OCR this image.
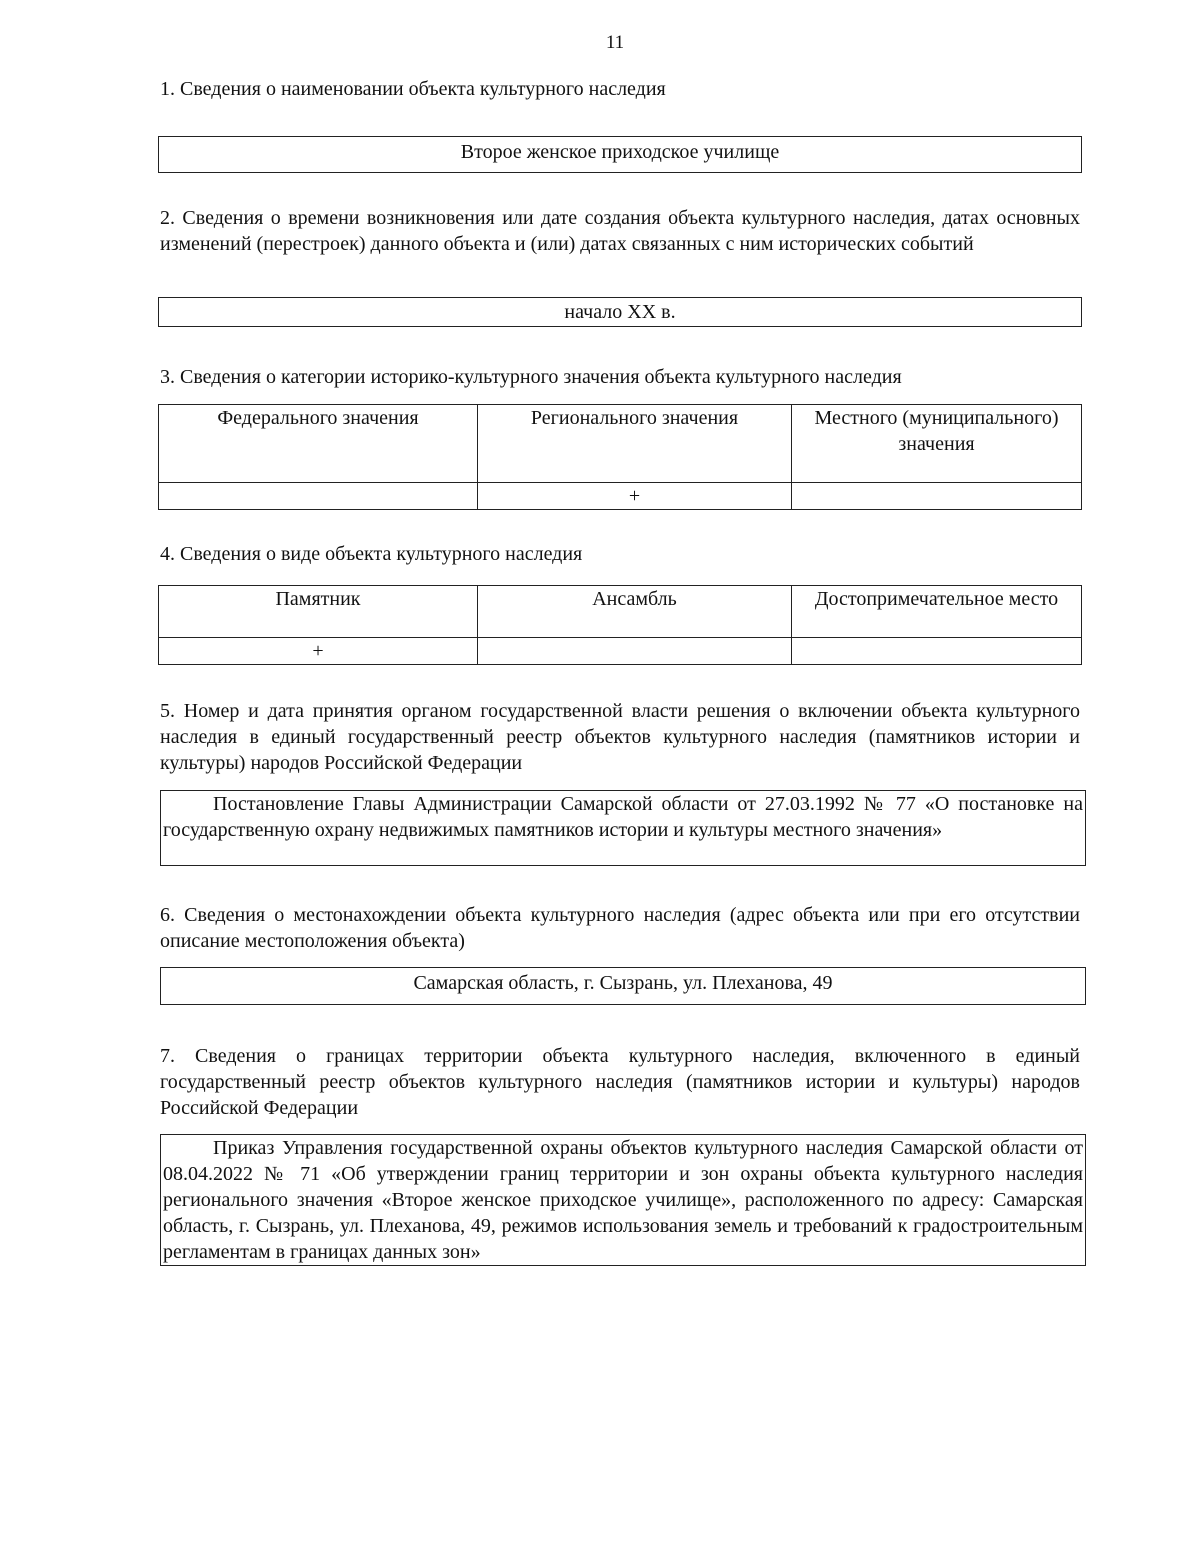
11
1. Сведения о наименовании объекта культурного наследия
Второе женское приходское училище
2. Сведения о времени возникновения или дате создания объекта культурного наследия, датах основных изменений (перестроек) данного объекта и (или) датах связанных с ним исторических событий
начало XX в.
3. Сведения о категории историко-культурного значения объекта культурного наследия
Федерального значения	Регионального значения	Местного (муниципального) значения
	+	
4. Сведения о виде объекта культурного наследия
Памятник	Ансамбль	Достопримечательное место
+		
5. Номер и дата принятия органом государственной власти решения о включении объекта культурного наследия в единый государственный реестр объектов культурного наследия (памятников истории и культуры) народов Российской Федерации
Постановление Главы Администрации Самарской области от 27.03.1992 № 77 «О постановке на государственную охрану недвижимых памятников истории и культуры местного значения»
6. Сведения о местонахождении объекта культурного наследия (адрес объекта или при его отсутствии описание местоположения объекта)
Самарская область, г. Сызрань, ул. Плеханова, 49
7. Сведения о границах территории объекта культурного наследия, включенного в единый государственный реестр объектов культурного наследия (памятников истории и культуры) народов Российской Федерации
Приказ Управления государственной охраны объектов культурного наследия Самарской области от 08.04.2022 № 71 «Об утверждении границ территории и зон охраны объекта культурного наследия регионального значения «Второе женское приходское училище», расположенного по адресу: Самарская область, г. Сызрань, ул. Плеханова, 49, режимов использования земель и требований к градостроительным регламентам в границах данных зон»
